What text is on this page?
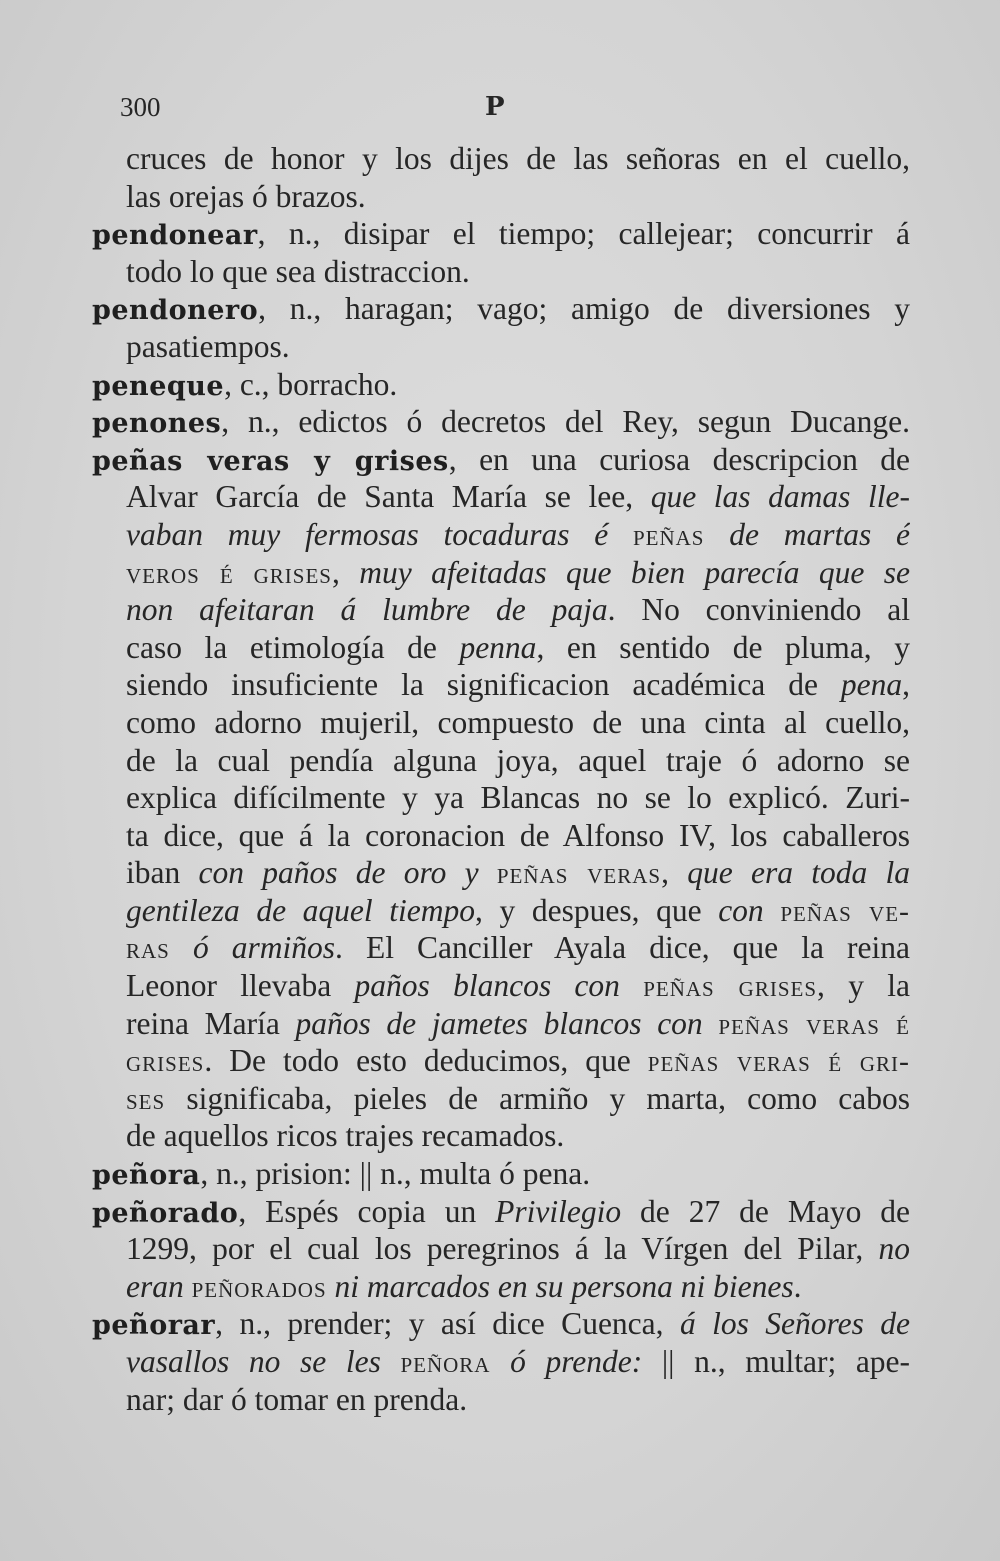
300	P
cruces de honor y los dijes de las señoras en el cuello,
las orejas ó brazos.
pendonear, n., disipar el tiempo; callejear; concurrir á
todo lo que sea distraccion.
pendonero, n., haragan; vago; amigo de diversiones y
pasatiempos.
peneque, c., borracho.
penones, n., edictos ó decretos del Rey, segun Ducange.
peñas veras y grises, en una curiosa descripcion de
Alvar García de Santa María se lee, que las damas lle-
vaban muy fermosas tocaduras é peñas de martas é
veros é grises, muy afeitadas que bien parecía que se
non afeitaran á lumbre de paja. No conviniendo al
caso la etimología de penna, en sentido de pluma, y
siendo insuficiente la significacion académica de pena,
como adorno mujeril, compuesto de una cinta al cuello,
de la cual pendía alguna joya, aquel traje ó adorno se
explica difícilmente y ya Blancas no se lo explicó. Zuri-
ta dice, que á la coronacion de Alfonso IV, los caballeros
iban con paños de oro y peñas veras, que era toda la
gentileza de aquel tiempo, y despues, que con peñas ve-
ras ó armiños. El Canciller Ayala dice, que la reina
Leonor llevaba paños blancos con peñas grises, y la
reina María paños de jametes blancos con peñas veras é
grises. De todo esto deducimos, que peñas veras é gri-
ses significaba, pieles de armiño y marta, como cabos
de aquellos ricos trajes recamados.
peñora, n., prision: || n., multa ó pena.
peñorado, Espés copia un Privilegio de 27 de Mayo de
1299, por el cual los peregrinos á la Vírgen del Pilar, no
eran peñorados ni marcados en su persona ni bienes.
peñorar, n., prender; y así dice Cuenca, á los Señores de
vasallos no se les peñora ó prende: || n., multar; ape-
nar; dar ó tomar en prenda.
